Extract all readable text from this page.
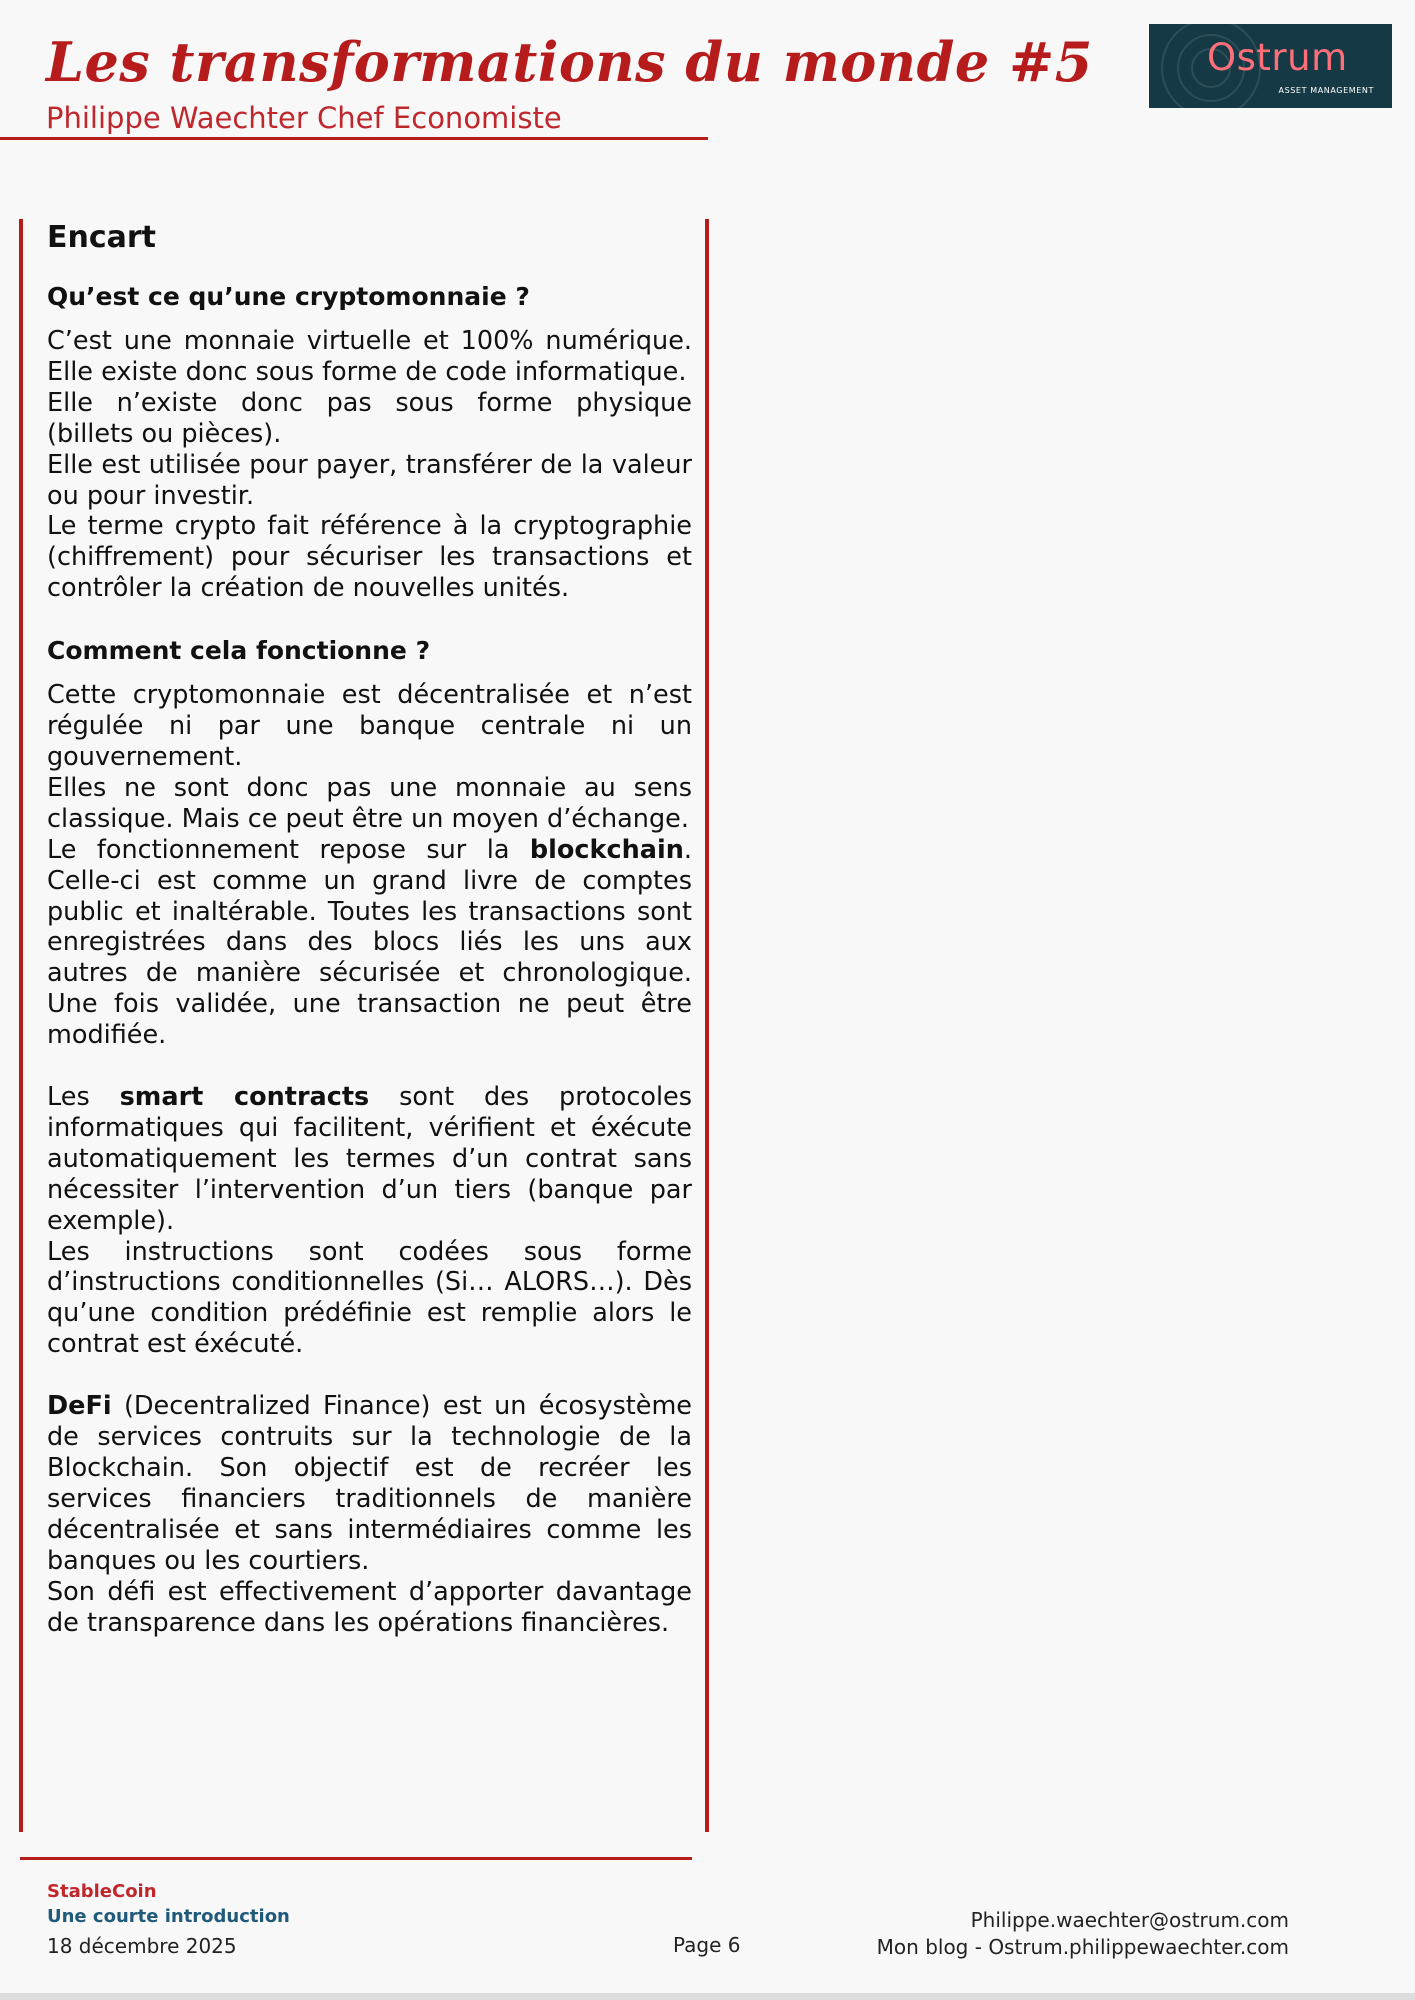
Les transformations du monde #5
Philippe Waechter Chef Economiste
Ostrum
ASSET MANAGEMENT
Encart
Qu’est ce qu’une cryptomonnaie ?

C’est une monnaie virtuelle et 100% numérique. Elle existe donc sous forme de code informatique.

Elle n’existe donc pas sous forme physique (billets ou pièces).

Elle est utilisée pour payer, transférer de la valeur ou pour investir.

Le terme crypto fait référence à la cryptographie (chiffrement) pour sécuriser les transactions et contrôler la création de nouvelles unités.

Comment cela fonctionne ?

Cette cryptomonnaie est décentralisée et n’est régulée ni par une banque centrale ni un gouvernement.

Elles ne sont donc pas une monnaie au sens classique. Mais ce peut être un moyen d’échange.

Le fonctionnement repose sur la blockchain. Celle-ci est comme un grand livre de comptes public et inaltérable. Toutes les transactions sont enregistrées dans des blocs liés les uns aux autres de manière sécurisée et chronologique. Une fois validée, une transaction ne peut être modifiée.

Les smart contracts sont des protocoles informatiques qui facilitent, vérifient et éxécute automatiquement les termes d’un contrat sans nécessiter l’intervention d’un tiers (banque par exemple).

Les instructions sont codées sous forme d’instructions conditionnelles (Si… ALORS…). Dès qu’une condition prédéfinie est remplie alors le contrat est éxécuté.

DeFi (Decentralized Finance) est un écosystème de services contruits sur la technologie de la Blockchain. Son objectif est de recréer les services financiers traditionnels de manière décentralisée et sans intermédiaires comme les banques ou les courtiers.

Son défi est effectivement d’apporter davantage de transparence dans les opérations financières.

StableCoin
Une courte introduction
18 décembre 2025	Page 6
Philippe.waechter@ostrum.com
Mon blog - Ostrum.philippewaechter.com
